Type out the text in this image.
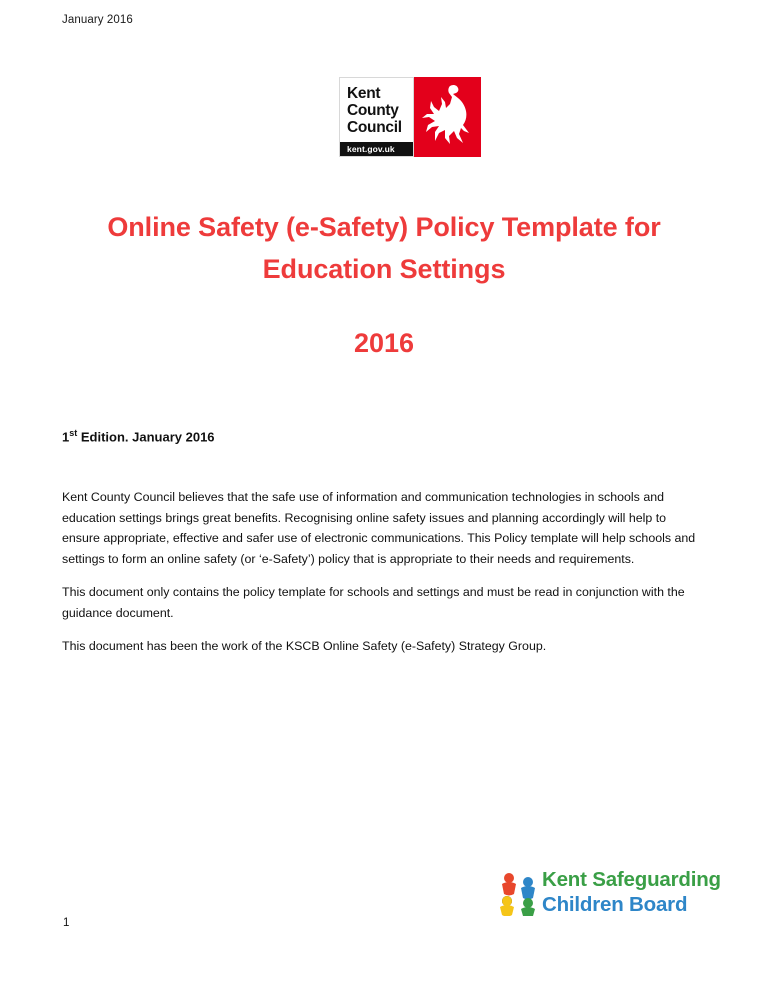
January 2016
Kent
County
Council
kent.gov.uk
Online Safety (e-Safety) Policy Template for Education Settings
2016
1st Edition. January 2016

Kent County Council believes that the safe use of information and communication technologies in schools and education settings brings great benefits. Recognising online safety issues and planning accordingly will help to ensure appropriate, effective and safer use of electronic communications. This Policy template will help schools and settings to form an online safety (or ‘e-Safety’) policy that is appropriate to their needs and requirements.

This document only contains the policy template for schools and settings and must be read in conjunction with the guidance document.

This document has been the work of the KSCB Online Safety (e-Safety) Strategy Group.

Kent Safeguarding
Children Board
1
